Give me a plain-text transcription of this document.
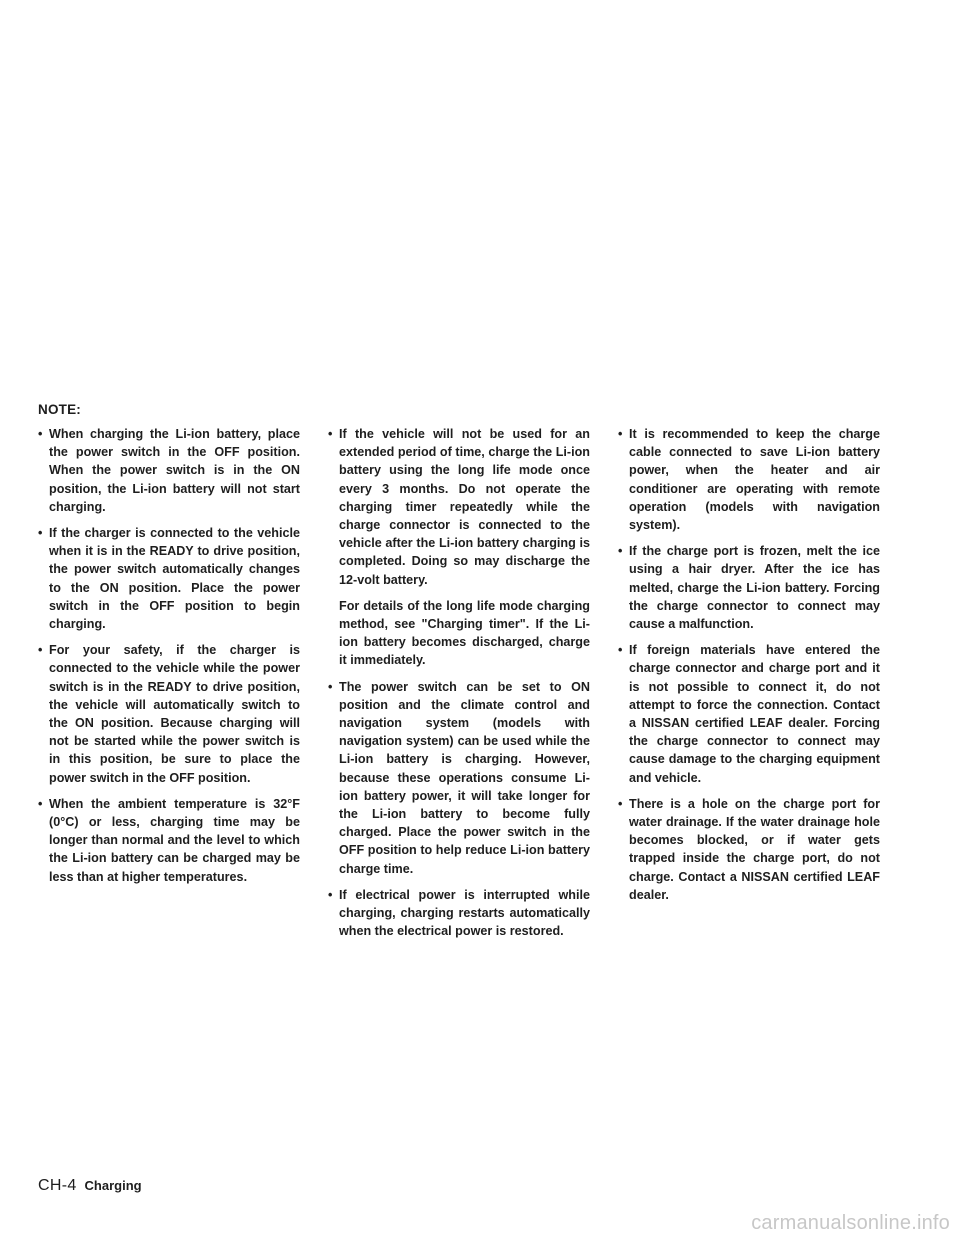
NOTE:
• When charging the Li-ion battery, place the power switch in the OFF position. When the power switch is in the ON position, the Li-ion battery will not start charging.
• If the charger is connected to the vehicle when it is in the READY to drive position, the power switch automatically changes to the ON position. Place the power switch in the OFF position to begin charging.
• For your safety, if the charger is connected to the vehicle while the power switch is in the READY to drive position, the vehicle will automatically switch to the ON position. Because charging will not be started while the power switch is in this position, be sure to place the power switch in the OFF position.
• When the ambient temperature is 32°F (0°C) or less, charging time may be longer than normal and the level to which the Li-ion battery can be charged may be less than at higher temperatures.
• If the vehicle will not be used for an extended period of time, charge the Li-ion battery using the long life mode once every 3 months. Do not operate the charging timer repeatedly while the charge connector is connected to the vehicle after the Li-ion battery charging is completed. Doing so may discharge the 12-volt battery.
For details of the long life mode charging method, see "Charging timer". If the Li-ion battery becomes discharged, charge it immediately.
• The power switch can be set to ON position and the climate control and navigation system (models with navigation system) can be used while the Li-ion battery is charging. However, because these operations consume Li-ion battery power, it will take longer for the Li-ion battery to become fully charged. Place the power switch in the OFF position to help reduce Li-ion battery charge time.
• If electrical power is interrupted while charging, charging restarts automatically when the electrical power is restored.
• It is recommended to keep the charge cable connected to save Li-ion battery power, when the heater and air conditioner are operating with remote operation (models with navigation system).
• If the charge port is frozen, melt the ice using a hair dryer. After the ice has melted, charge the Li-ion battery. Forcing the charge connector to connect may cause a malfunction.
• If foreign materials have entered the charge connector and charge port and it is not possible to connect it, do not attempt to force the connection. Contact a NISSAN certified LEAF dealer. Forcing the charge connector to connect may cause damage to the charging equipment and vehicle.
• There is a hole on the charge port for water drainage. If the water drainage hole becomes blocked, or if water gets trapped inside the charge port, do not charge. Contact a NISSAN certified LEAF dealer.
CH-4 Charging
carmanualsonline.info
